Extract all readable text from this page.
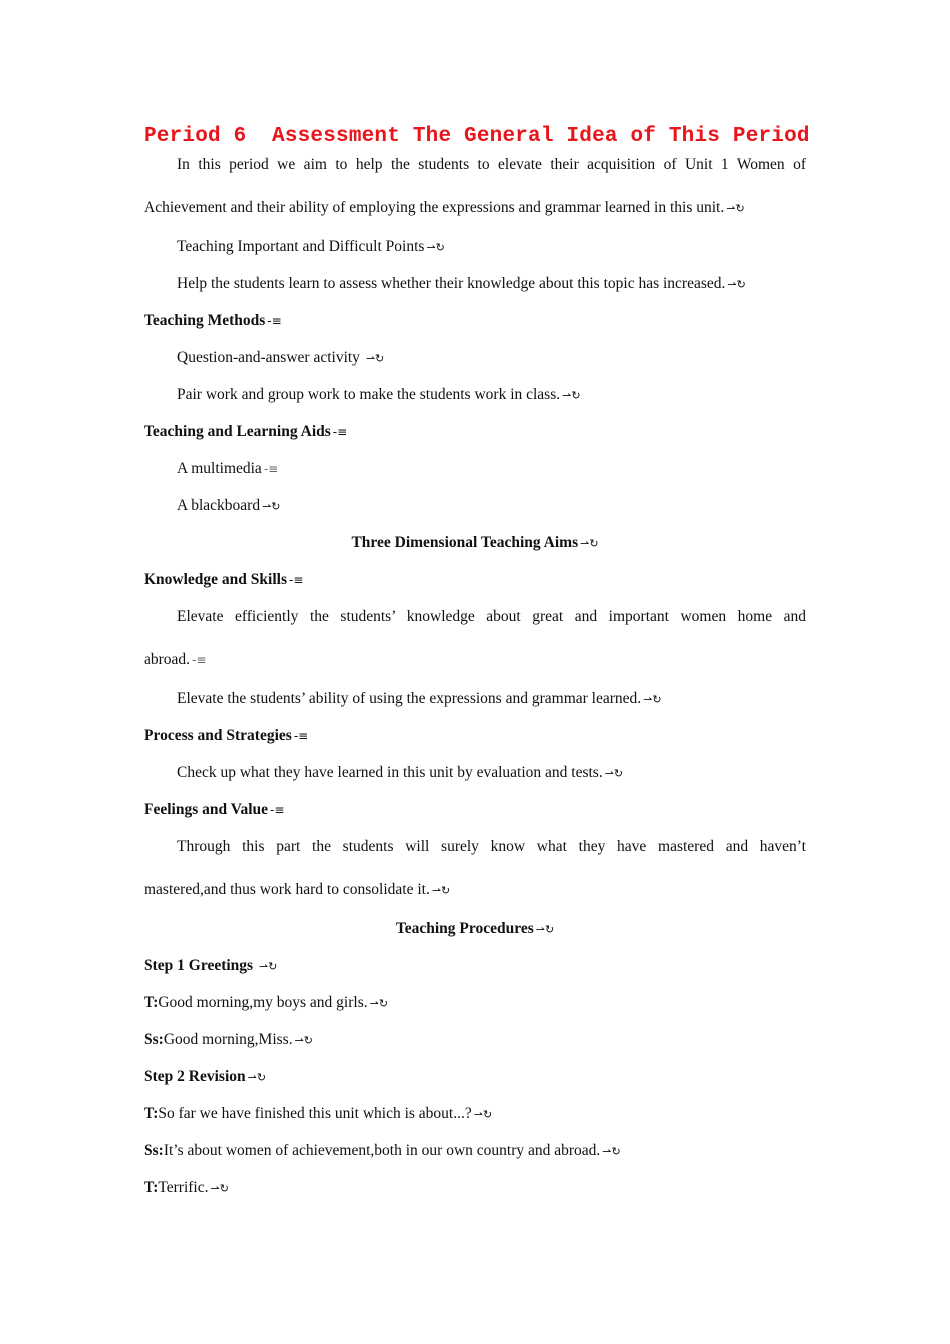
Period 6  Assessment The General Idea of This Period
In this period we aim to help the students to elevate their acquisition of Unit 1 Women of
Achievement and their ability of employing the expressions and grammar learned in this unit. ⇀↻
Teaching Important and Difficult Points ⇀↻
Help the students learn to assess whether their knowledge about this topic has increased. ⇀↻
Teaching Methods -≡
Question-and-answer activity ⇀↻
Pair work and group work to make the students work in class. ⇀↻
Teaching and Learning Aids -≡
A multimedia -≡
A blackboard ⇀↻
Three Dimensional Teaching Aims ⇀↻
Knowledge and Skills -≡
Elevate efficiently the students’ knowledge about great and important women home and
abroad. -≡
Elevate the students’ ability of using the expressions and grammar learned. ⇀↻
Process and Strategies -≡
Check up what they have learned in this unit by evaluation and tests. ⇀↻
Feelings and Value -≡
Through this part the students will surely know what they have mastered and haven’t
mastered,and thus work hard to consolidate it. ⇀↻
Teaching Procedures ⇀↻
Step 1 Greetings ⇀↻
T:Good morning,my boys and girls. ⇀↻
Ss:Good morning,Miss. ⇀↻
Step 2 Revision ⇀↻
T:So far we have finished this unit which is about...? ⇀↻
Ss:It’s about women of achievement,both in our own country and abroad. ⇀↻
T:Terrific. ⇀↻
